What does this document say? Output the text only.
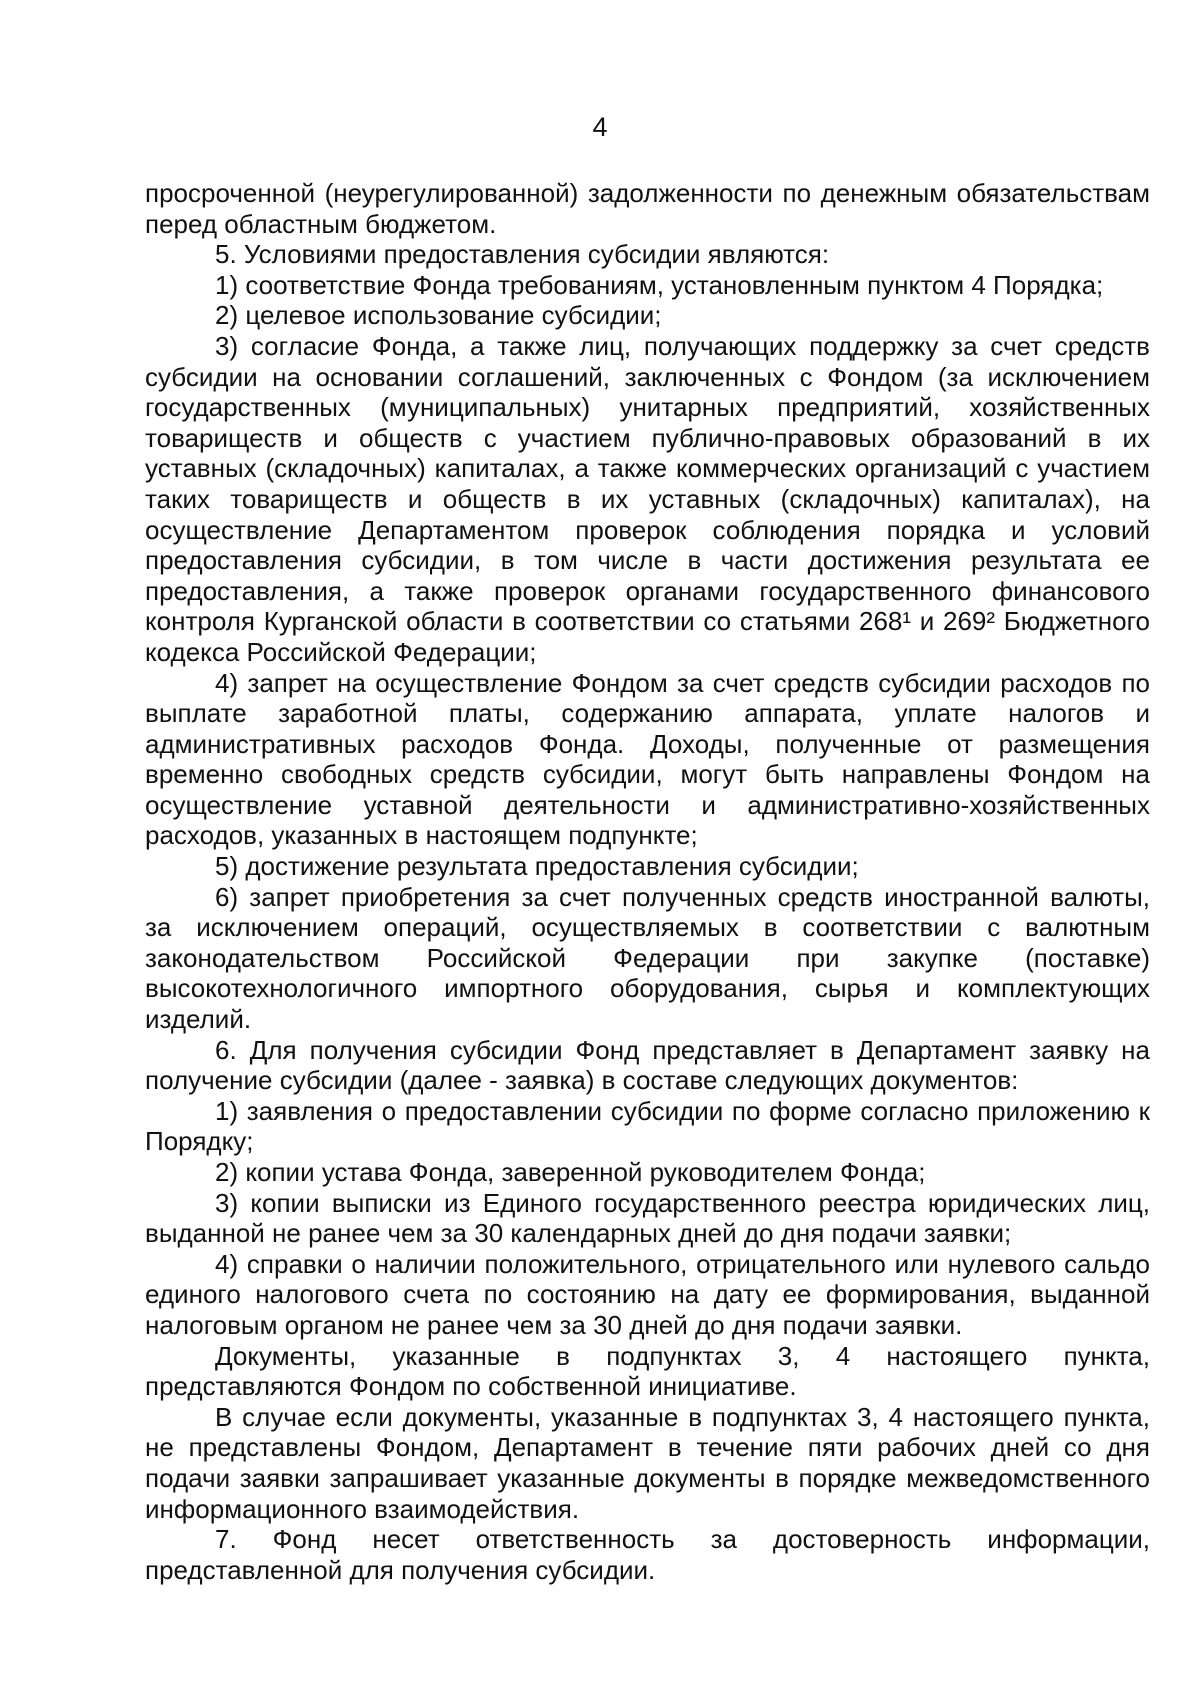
4

просроченной (неурегулированной) задолженности по денежным обязательствам перед областным бюджетом.

5. Условиями предоставления субсидии являются:

1) соответствие Фонда требованиям, установленным пунктом 4 Порядка;

2) целевое использование субсидии;

3) согласие Фонда, а также лиц, получающих поддержку за счет средств субсидии на основании соглашений, заключенных с Фондом (за исключением государственных (муниципальных) унитарных предприятий, хозяйственных товариществ и обществ с участием публично-правовых образований в их уставных (складочных) капиталах, а также коммерческих организаций с участием таких товариществ и обществ в их уставных (складочных) капиталах), на осуществление Департаментом проверок соблюдения порядка и условий предоставления субсидии, в том числе в части достижения результата ее предоставления, а также проверок органами государственного финансового контроля Курганской области в соответствии со статьями 268¹ и 269² Бюджетного кодекса Российской Федерации;

4) запрет на осуществление Фондом за счет средств субсидии расходов по выплате заработной платы, содержанию аппарата, уплате налогов и административных расходов Фонда. Доходы, полученные от размещения временно свободных средств субсидии, могут быть направлены Фондом на осуществление уставной деятельности и административно-хозяйственных расходов, указанных в настоящем подпункте;

5) достижение результата предоставления субсидии;

6) запрет приобретения за счет полученных средств иностранной валюты, за исключением операций, осуществляемых в соответствии с валютным законодательством Российской Федерации при закупке (поставке) высокотехнологичного импортного оборудования, сырья и комплектующих изделий.

6. Для получения субсидии Фонд представляет в Департамент заявку на получение субсидии (далее - заявка) в составе следующих документов:

1) заявления о предоставлении субсидии по форме согласно приложению к Порядку;

2) копии устава Фонда, заверенной руководителем Фонда;

3) копии выписки из Единого государственного реестра юридических лиц, выданной не ранее чем за 30 календарных дней до дня подачи заявки;

4) справки о наличии положительного, отрицательного или нулевого сальдо единого налогового счета по состоянию на дату ее формирования, выданной налоговым органом не ранее чем за 30 дней до дня подачи заявки.

Документы, указанные в подпунктах 3, 4 настоящего пункта, представляются Фондом по собственной инициативе.

В случае если документы, указанные в подпунктах 3, 4 настоящего пункта, не представлены Фондом, Департамент в течение пяти рабочих дней со дня подачи заявки запрашивает указанные документы в порядке межведомственного информационного взаимодействия.

7. Фонд несет ответственность за достоверность информации, представленной для получения субсидии.
